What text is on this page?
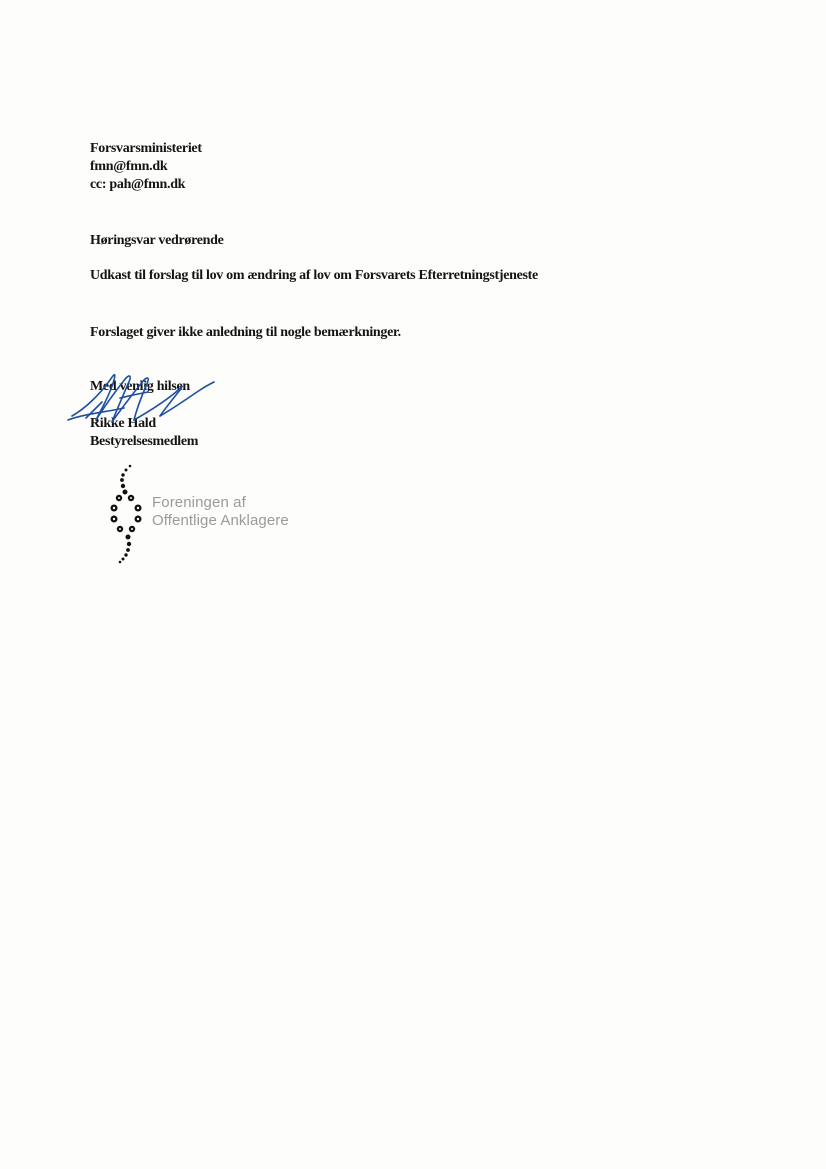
Forsvarsministeriet
fmn@fmn.dk
cc: pah@fmn.dk
Høringsvar vedrørende
Udkast til forslag til lov om ændring af lov om Forsvarets Efterretningstjeneste
Forslaget giver ikke anledning til nogle bemærkninger.
Med venlig hilsen
Rikke Hald
Bestyrelsesmedlem
Foreningen af
Offentlige Anklagere
